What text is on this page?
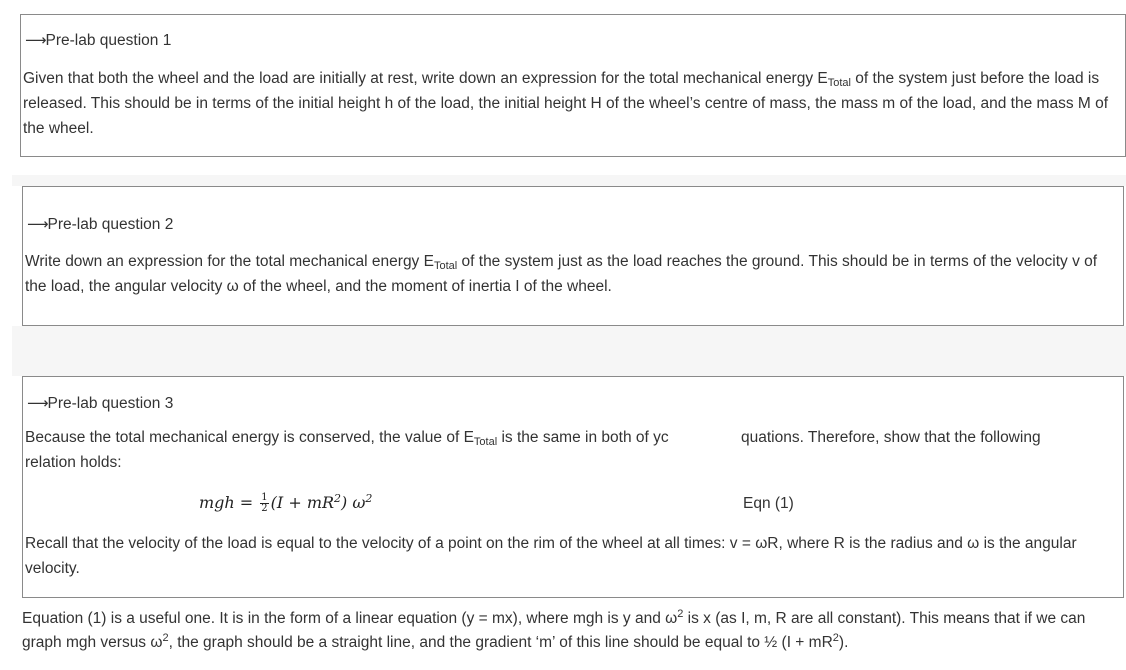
⟶Pre-lab question 1
Given that both the wheel and the load are initially at rest, write down an expression for the total mechanical energy $E_{Total}$ of the system just before the load is released. This should be in terms of the initial height h of the load, the initial height H of the wheel’s centre of mass, the mass m of the load, and the mass M of the wheel.
⟶Pre-lab question 2
Write down an expression for the total mechanical energy $E_{Total}$ of the system just as the load reaches the ground. This should be in terms of the velocity v of the load, the angular velocity ω of the wheel, and the moment of inertia I of the wheel.
⟶Pre-lab question 3
Because the total mechanical energy is conserved, the value of $E_{Total}$ is the same in both of yc	quations. Therefore, show that the following
relation holds:
mgh = $\frac{1}{2} (I + mR^2)$ $\omega^2$	Eqn (1)
Recall that the velocity of the load is equal to the velocity of a point on the rim of the wheel at all times: v = ωR, where R is the radius and ω is the angular velocity.
Equation (1) is a useful one. It is in the form of a linear equation (y = mx), where mgh is y and $\omega^2$ is x (as I, m, R are all constant). This means that if we can graph mgh versus $\omega^2$, the graph should be a straight line, and the gradient ‘m’ of this line should be equal to ½ $(I + mR^2)$.
